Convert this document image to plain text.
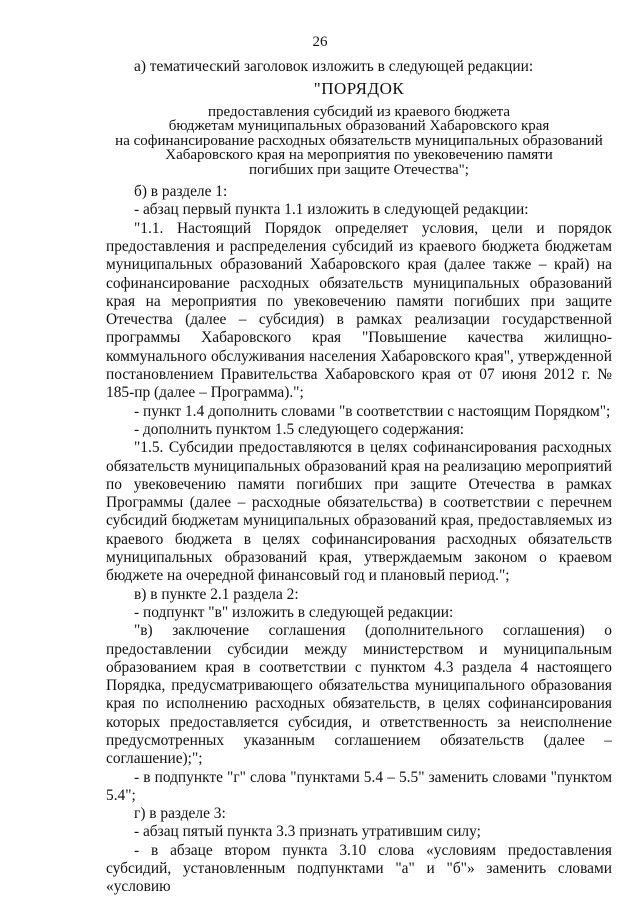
26

а) тематический заголовок изложить в следующей редакции:

"ПОРЯДОК

предоставления субсидий из краевого бюджета
бюджетам муниципальных образований Хабаровского края
на софинансирование расходных обязательств муниципальных образований
Хабаровского края на мероприятия по увековечению памяти
погибших при защите Отечества";

б) в разделе 1:

- абзац первый пункта 1.1 изложить в следующей редакции:

"1.1. Настоящий Порядок определяет условия, цели и порядок предоставления и распределения субсидий из краевого бюджета бюджетам муниципальных образований Хабаровского края (далее также – край) на софинансирование расходных обязательств муниципальных образований края на мероприятия по увековечению памяти погибших при защите Отечества (далее – субсидия) в рамках реализации государственной программы Хабаровского края "Повышение качества жилищно-коммунального обслуживания населения Хабаровского края", утвержденной постановлением Правительства Хабаровского края от 07 июня 2012 г. № 185-пр (далее – Программа).";

- пункт 1.4 дополнить словами "в соответствии с настоящим Порядком";

- дополнить пунктом 1.5 следующего содержания:

"1.5. Субсидии предоставляются в целях софинансирования расходных обязательств муниципальных образований края на реализацию мероприятий по увековечению памяти погибших при защите Отечества в рамках Программы (далее – расходные обязательства) в соответствии с перечнем субсидий бюджетам муниципальных образований края, предоставляемых из краевого бюджета в целях софинансирования расходных обязательств муниципальных образований края, утверждаемым законом о краевом бюджете на очередной финансовый год и плановый период.";

в) в пункте 2.1 раздела 2:

- подпункт "в" изложить в следующей редакции:

"в) заключение соглашения (дополнительного соглашения) о предоставлении субсидии между министерством и муниципальным образованием края в соответствии с пунктом 4.3 раздела 4 настоящего Порядка, предусматривающего обязательства муниципального образования края по исполнению расходных обязательств, в целях софинансирования которых предоставляется субсидия, и ответственность за неисполнение предусмотренных указанным соглашением обязательств (далее – соглашение);";

- в подпункте "г" слова "пунктами 5.4 – 5.5" заменить словами "пунктом 5.4";

г) в разделе 3:

- абзац пятый пункта 3.3 признать утратившим силу;

- в абзаце втором пункта 3.10 слова «условиям предоставления субсидий, установленным подпунктами "а" и "б"» заменить словами «условию
